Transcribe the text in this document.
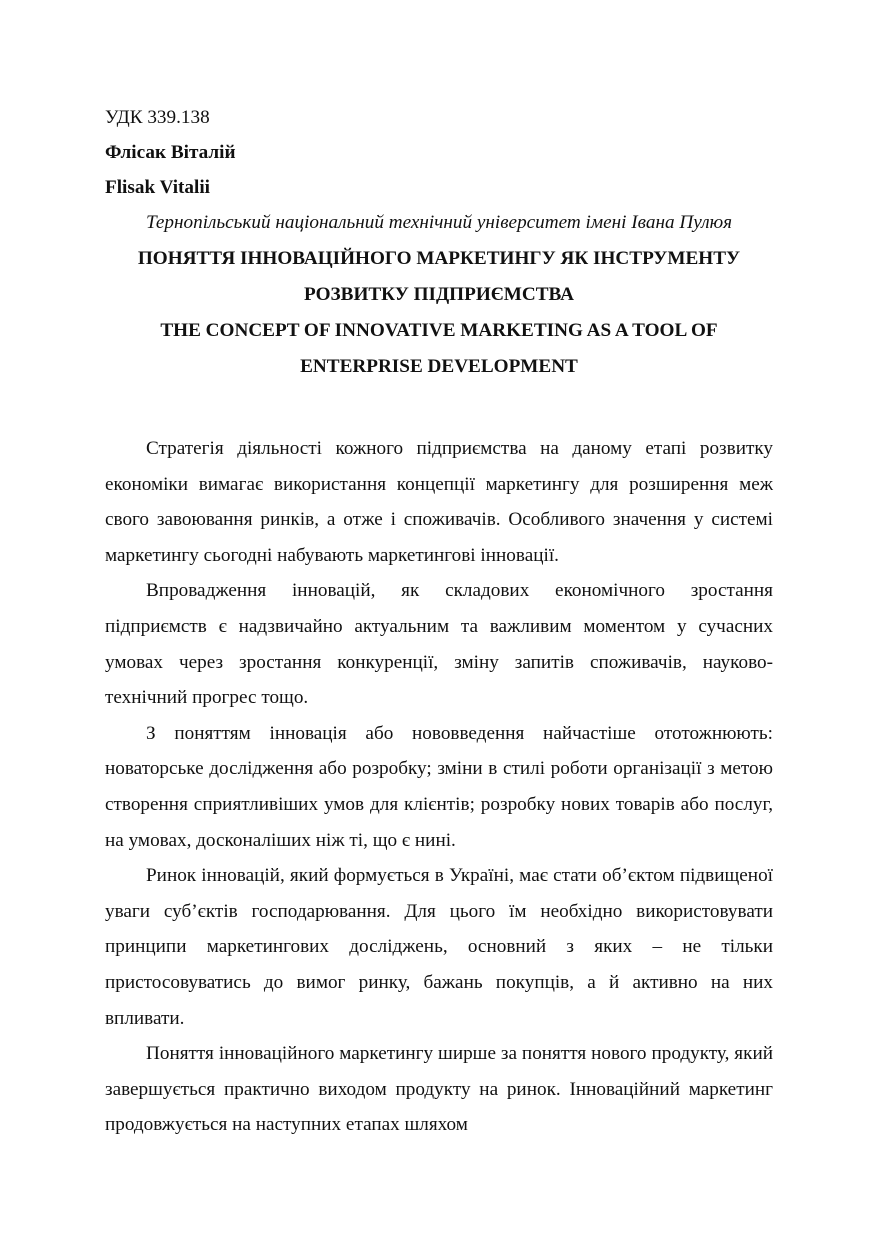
УДК 339.138
Флісак Віталій
Flisak Vitalii
Тернопільський національний технічний університет імені Івана Пулюя
ПОНЯТТЯ ІННОВАЦІЙНОГО МАРКЕТИНГУ ЯК ІНСТРУМЕНТУ
РОЗВИТКУ ПІДПРИЄМСТВА
THE CONCEPT OF INNOVATIVE MARKETING AS A TOOL OF
ENTERPRISE DEVELOPMENT

Стратегія діяльності кожного підприємства на даному етапі розвитку економіки вимагає використання концепції маркетингу для розширення меж свого завоювання ринків, а отже і споживачів. Особливого значення у системі маркетингу сьогодні набувають маркетингові інновації.

Впровадження інновацій, як складових економічного зростання підприємств є надзвичайно актуальним та важливим моментом у сучасних умовах через зростання конкуренції, зміну запитів споживачів, науково-технічний прогрес тощо.

З поняттям інновація або нововведення найчастіше ототожнюють: новаторське дослідження або розробку; зміни в стилі роботи організації з метою створення сприятливіших умов для клієнтів; розробку нових товарів або послуг, на умовах, досконаліших ніж ті, що є нині.

Ринок інновацій, який формується в Україні, має стати об’єктом підвищеної уваги суб’єктів господарювання. Для цього їм необхідно використовувати принципи маркетингових досліджень, основний з яких – не тільки пристосовуватись до вимог ринку, бажань покупців, а й активно на них впливати.

Поняття інноваційного маркетингу ширше за поняття нового продукту, який завершується практично виходом продукту на ринок. Інноваційний маркетинг продовжується на наступних етапах шляхом
